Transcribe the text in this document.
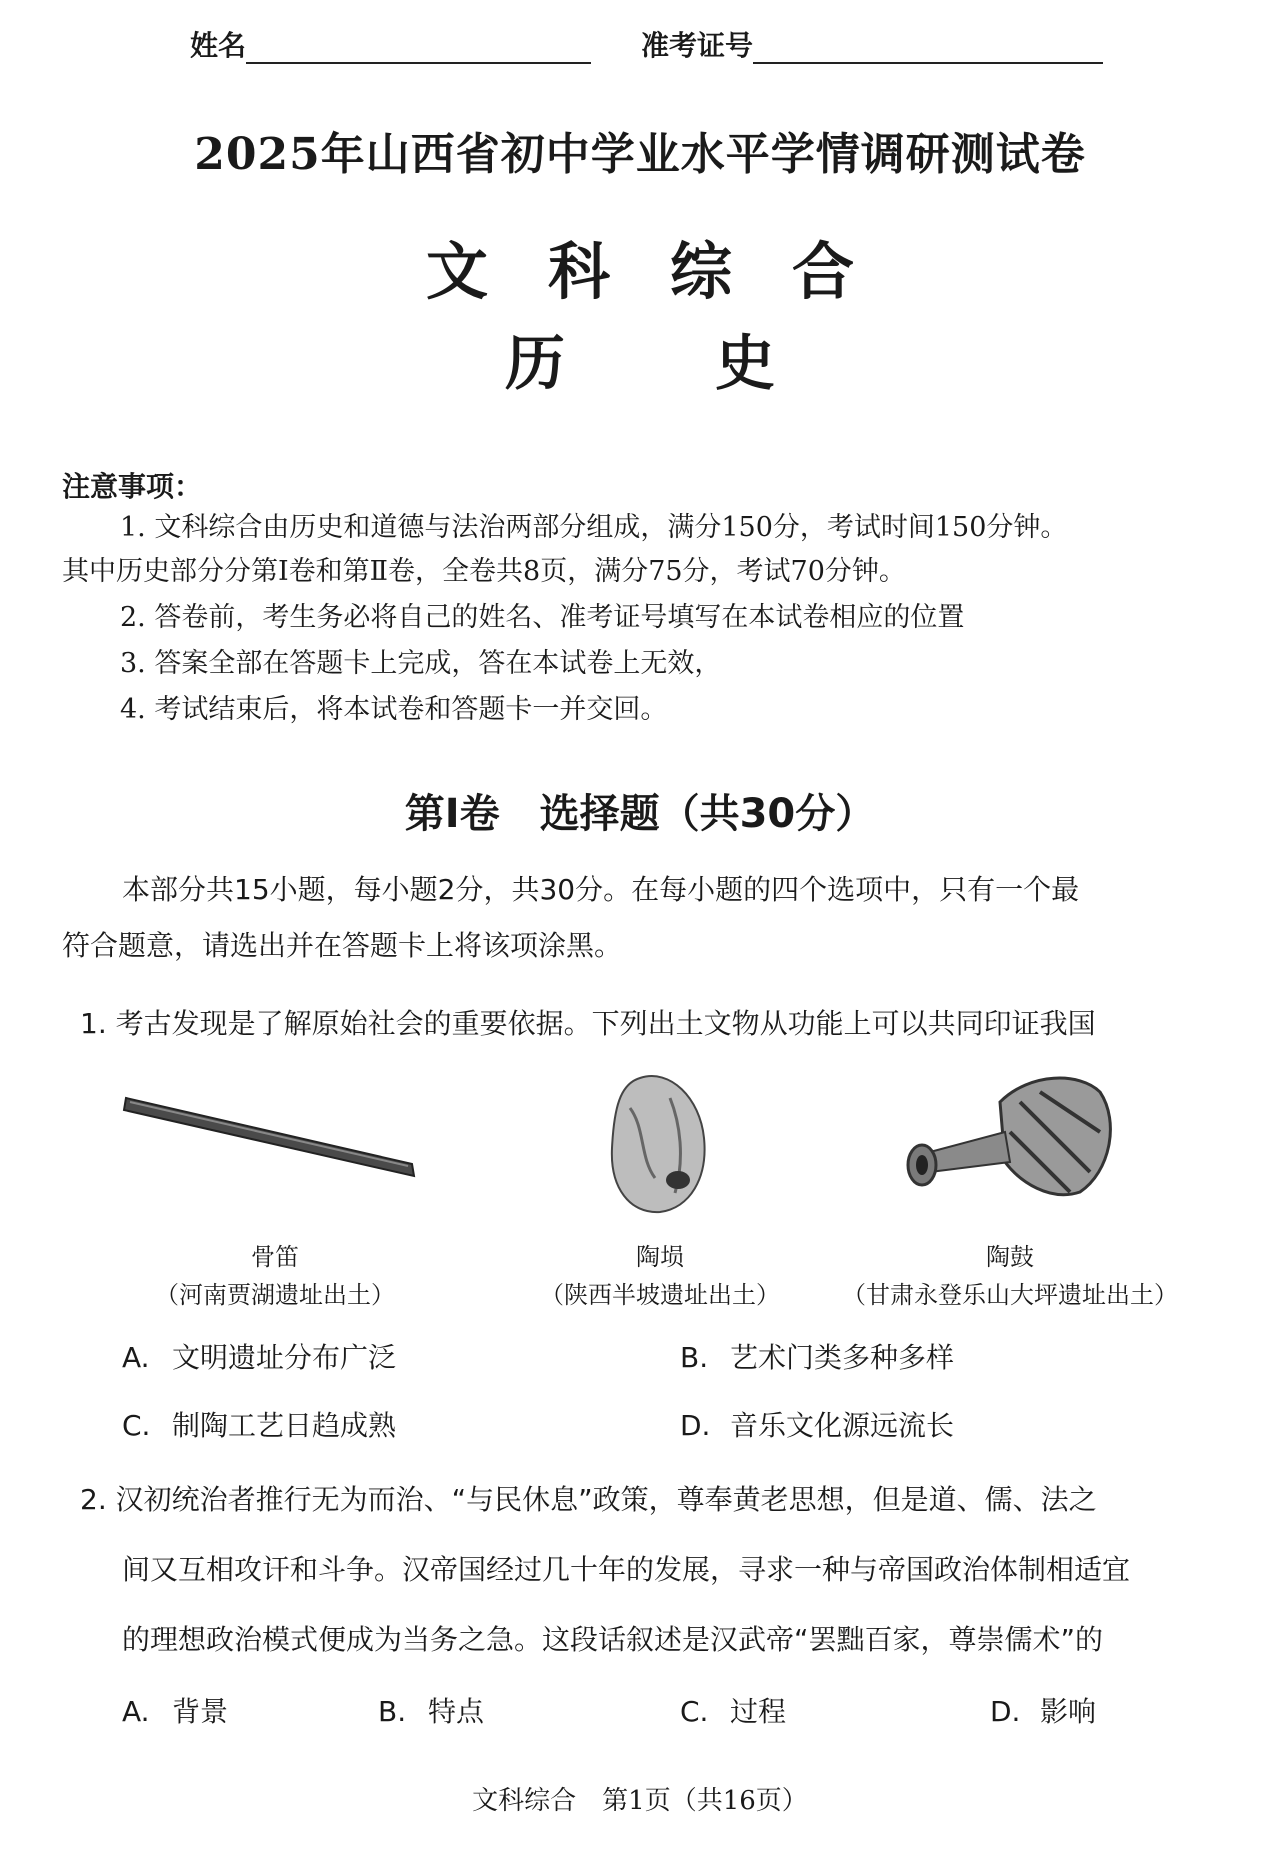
姓名	准考证号
2025年山西省初中学业水平学情调研测试卷
文科综合
历史
注意事项：
1. 文科综合由历史和道德与法治两部分组成，满分150分，考试时间150分钟。
其中历史部分分第Ⅰ卷和第Ⅱ卷，全卷共8页，满分75分，考试70分钟。
2. 答卷前，考生务必将自己的姓名、准考证号填写在本试卷相应的位置
3. 答案全部在答题卡上完成，答在本试卷上无效，
4. 考试结束后，将本试卷和答题卡一并交回。
第Ⅰ卷　选择题（共30分）
本部分共15小题，每小题2分，共30分。在每小题的四个选项中，只有一个最
符合题意，请选出并在答题卡上将该项涂黑。
1. 考古发现是了解原始社会的重要依据。下列出土文物从功能上可以共同印证我国
骨笛
（河南贾湖遗址出土）
陶埙
（陕西半坡遗址出土）
陶鼓
（甘肃永登乐山大坪遗址出土）
A. 文明遗址分布广泛	B. 艺术门类多种多样
C. 制陶工艺日趋成熟	D. 音乐文化源远流长
2. 汉初统治者推行无为而治、“与民休息”政策，尊奉黄老思想，但是道、儒、法之
间又互相攻讦和斗争。汉帝国经过几十年的发展，寻求一种与帝国政治体制相适宜
的理想政治模式便成为当务之急。这段话叙述是汉武帝“罢黜百家，尊崇儒术”的
A. 背景	B. 特点	C. 过程	D. 影响
文科综合　第1页（共16页）
